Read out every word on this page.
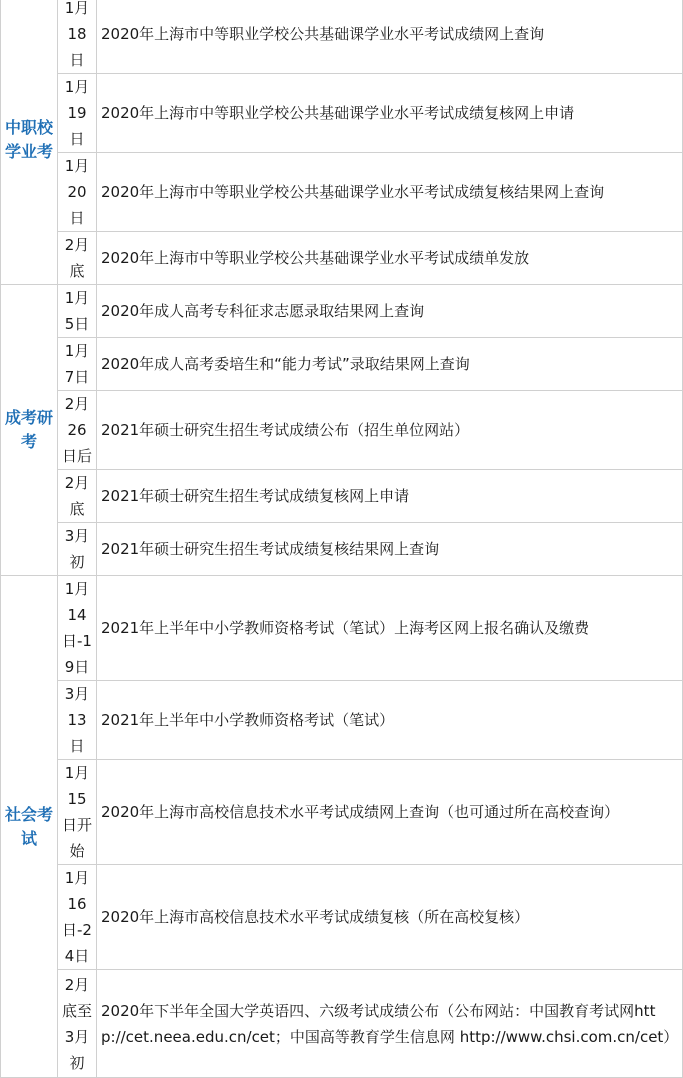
中职校学业考	1月18日	2020年上海市中等职业学校公共基础课学业水平考试成绩网上查询
	1月19日	2020年上海市中等职业学校公共基础课学业水平考试成绩复核网上申请
	1月20日	2020年上海市中等职业学校公共基础课学业水平考试成绩复核结果网上查询
	2月底	2020年上海市中等职业学校公共基础课学业水平考试成绩单发放
成考研考	1月5日	2020年成人高考专科征求志愿录取结果网上查询
	1月7日	2020年成人高考委培生和“能力考试”录取结果网上查询
	2月26日后	2021年硕士研究生招生考试成绩公布（招生单位网站）
	2月底	2021年硕士研究生招生考试成绩复核网上申请
	3月初	2021年硕士研究生招生考试成绩复核结果网上查询
社会考试	1月14日-19日	2021年上半年中小学教师资格考试（笔试）上海考区网上报名确认及缴费
	3月13日	2021年上半年中小学教师资格考试（笔试）
	1月15日开始	2020年上海市高校信息技术水平考试成绩网上查询（也可通过所在高校查询）
	1月16日-24日	2020年上海市高校信息技术水平考试成绩复核（所在高校复核）
	2月底至3月初	2020年下半年全国大学英语四、六级考试成绩公布（公布网站：中国教育考试网http://cet.neea.edu.cn/cet；中国高等教育学生信息网 http://www.chsi.com.cn/cet）
